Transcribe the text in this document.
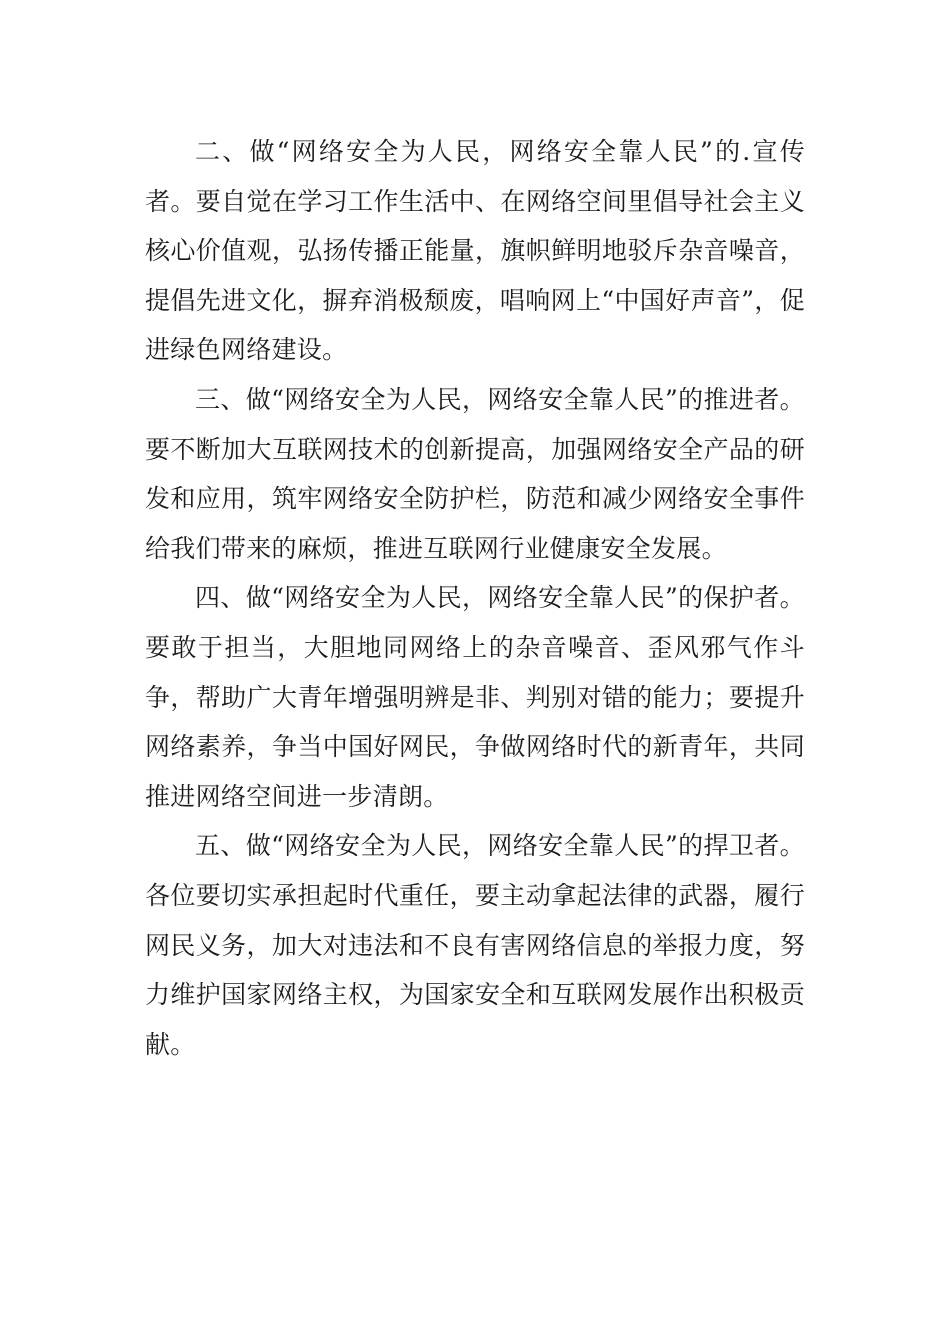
二、做“网络安全为人民，网络安全靠人民”的.宣传者。要自觉在学习工作生活中、在网络空间里倡导社会主义核心价值观，弘扬传播正能量，旗帜鲜明地驳斥杂音噪音，提倡先进文化，摒弃消极颓废，唱响网上“中国好声音”，促进绿色网络建设。

三、做“网络安全为人民，网络安全靠人民”的推进者。要不断加大互联网技术的创新提高，加强网络安全产品的研发和应用，筑牢网络安全防护栏，防范和减少网络安全事件给我们带来的麻烦，推进互联网行业健康安全发展。

四、做“网络安全为人民，网络安全靠人民”的保护者。要敢于担当，大胆地同网络上的杂音噪音、歪风邪气作斗争，帮助广大青年增强明辨是非、判别对错的能力；要提升网络素养，争当中国好网民，争做网络时代的新青年，共同推进网络空间进一步清朗。

五、做“网络安全为人民，网络安全靠人民”的捍卫者。各位要切实承担起时代重任，要主动拿起法律的武器，履行网民义务，加大对违法和不良有害网络信息的举报力度，努力维护国家网络主权，为国家安全和互联网发展作出积极贡献。
